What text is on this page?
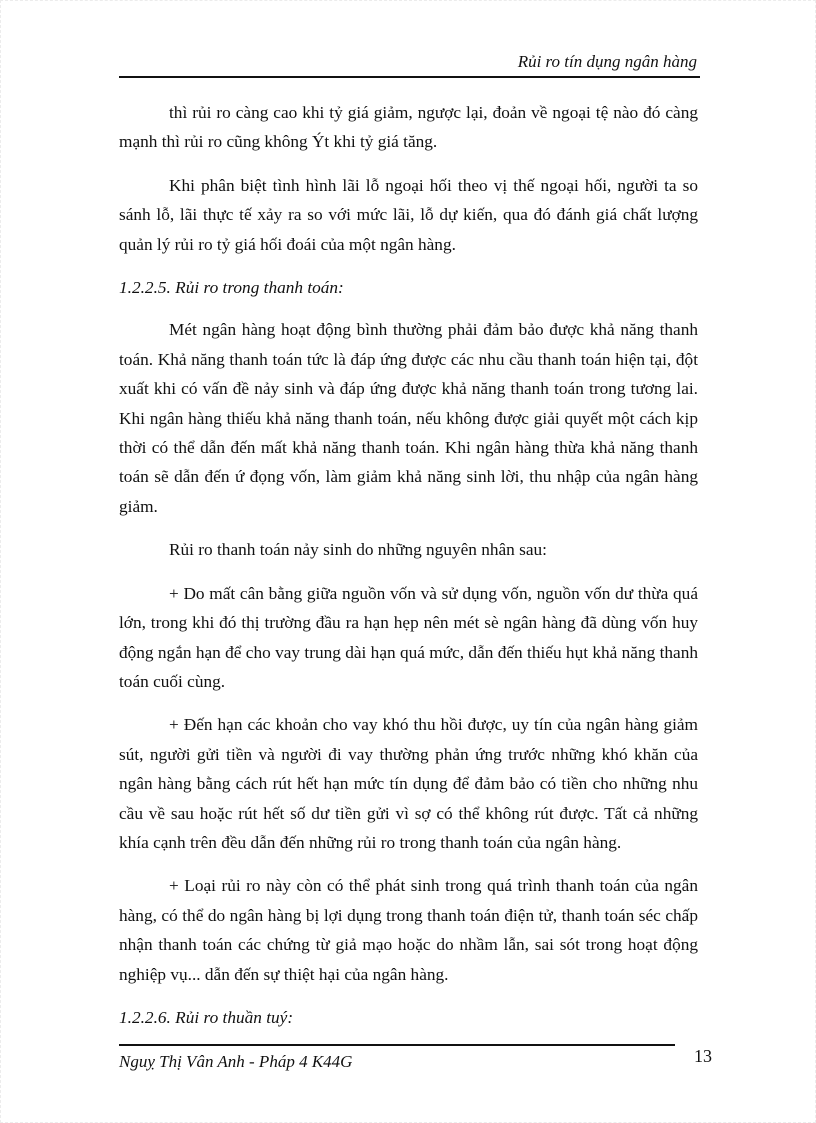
Rủi ro tín dụng ngân hàng

thì rủi ro càng cao khi tỷ giá giảm, ngược lại, đoản về ngoại tệ nào đó càng mạnh thì rủi ro cũng không Ýt khi tỷ giá tăng.

Khi phân biệt tình hình lãi lỗ ngoại hối theo vị thế ngoại hối, người ta so sánh lỗ, lãi thực tế xảy ra so với mức lãi, lỗ dự kiến, qua đó đánh giá chất lượng quản lý rủi ro tỷ giá hối đoái của một ngân hàng.

1.2.2.5. Rủi ro trong thanh toán:

Mét ngân hàng hoạt động bình thường phải đảm bảo được khả năng thanh toán. Khả năng thanh toán tức là đáp ứng được các nhu cầu thanh toán hiện tại, đột xuất khi có vấn đề nảy sinh và đáp ứng được khả năng thanh toán trong tương lai. Khi ngân hàng thiếu khả năng thanh toán, nếu không được giải quyết một cách kịp thời có thể dẫn đến mất khả năng thanh toán. Khi ngân hàng thừa khả năng thanh toán sẽ dẫn đến ứ đọng vốn, làm giảm khả năng sinh lời, thu nhập của ngân hàng giảm.

Rủi ro thanh toán nảy sinh do những nguyên nhân sau:

+ Do mất cân bằng giữa nguồn vốn và sử dụng vốn, nguồn vốn dư thừa quá lớn, trong khi đó thị trường đầu ra hạn hẹp nên mét sè ngân hàng đã dùng vốn huy động ngắn hạn để cho vay trung dài hạn quá mức, dẫn đến thiếu hụt khả năng thanh toán cuối cùng.

+ Đến hạn các khoản cho vay khó thu hồi được, uy tín của ngân hàng giảm sút, người gửi tiền và người đi vay thường phản ứng trước những khó khăn của ngân hàng bằng cách rút hết hạn mức tín dụng để đảm bảo có tiền cho những nhu cầu về sau hoặc rút hết số dư tiền gửi vì sợ có thể không rút được. Tất cả những khía cạnh trên đều dẫn đến những rủi ro trong thanh toán của ngân hàng.

+ Loại rủi ro này còn có thể phát sinh trong quá trình thanh toán của ngân hàng, có thể do ngân hàng bị lợi dụng trong thanh toán điện tử, thanh toán séc chấp nhận thanh toán các chứng từ giả mạo hoặc do nhầm lẫn, sai sót trong hoạt động nghiệp vụ... dẫn đến sự thiệt hại của ngân hàng.

1.2.2.6. Rủi ro thuần tuý:

Nguỵ Thị Vân Anh - Pháp 4 K44G	13
